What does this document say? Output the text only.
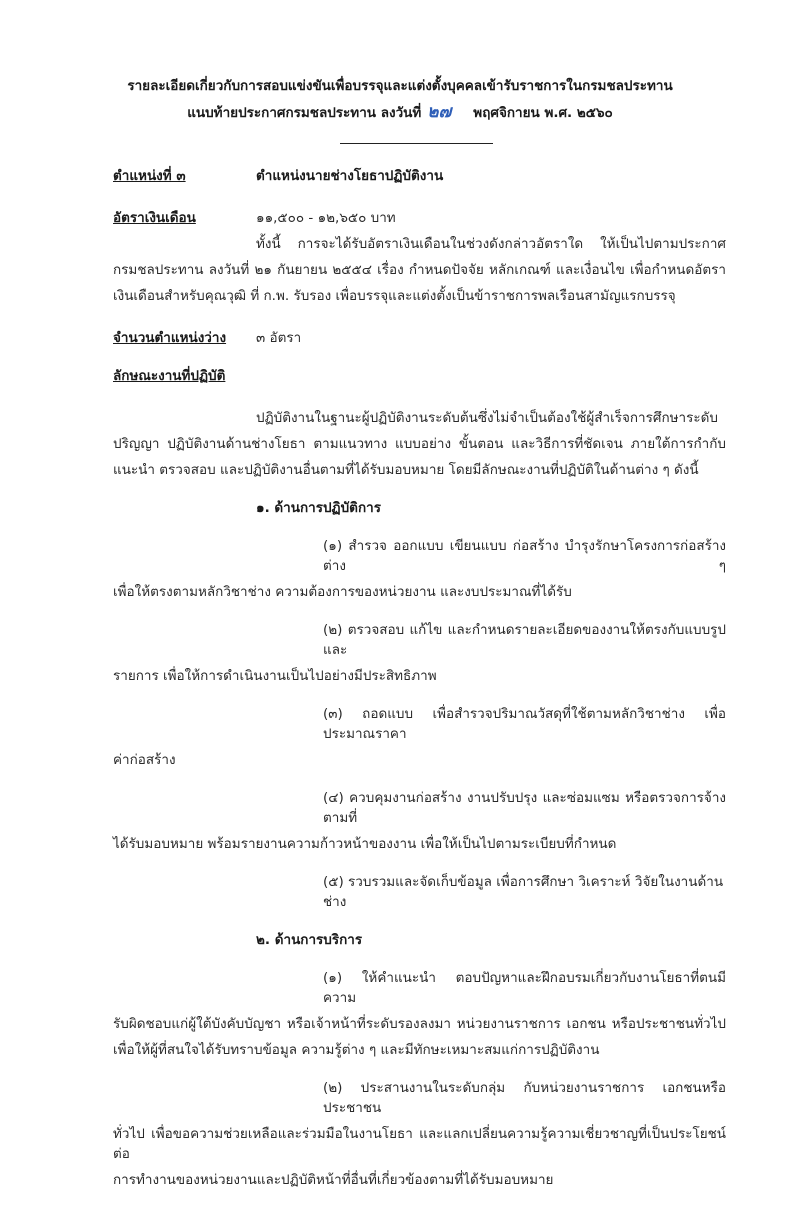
รายละเอียดเกี่ยวกับการสอบแข่งขันเพื่อบรรจุและแต่งตั้งบุคคลเข้ารับราชการในกรมชลประทาน
แนบท้ายประกาศกรมชลประทาน ลงวันที่ ๒๗ พฤศจิกายน พ.ศ. ๒๕๖๐
ตำแหน่งที่ ๓	ตำแหน่งนายช่างโยธาปฏิบัติงาน
อัตราเงินเดือน	๑๑,๕๐๐ - ๑๒,๖๕๐ บาท
ทั้งนี้ การจะได้รับอัตราเงินเดือนในช่วงดังกล่าวอัตราใด ให้เป็นไปตามประกาศ
กรมชลประทาน ลงวันที่ ๒๑ กันยายน ๒๕๕๔ เรื่อง กำหนดปัจจัย หลักเกณฑ์ และเงื่อนไข เพื่อกำหนดอัตรา
เงินเดือนสำหรับคุณวุฒิ ที่ ก.พ. รับรอง เพื่อบรรจุและแต่งตั้งเป็นข้าราชการพลเรือนสามัญแรกบรรจุ
จำนวนตำแหน่งว่าง	๓ อัตรา
ลักษณะงานที่ปฏิบัติ
ปฏิบัติงานในฐานะผู้ปฏิบัติงานระดับต้นซึ่งไม่จำเป็นต้องใช้ผู้สำเร็จการศึกษาระดับ
ปริญญา ปฏิบัติงานด้านช่างโยธา ตามแนวทาง แบบอย่าง ขั้นตอน และวิธีการที่ชัดเจน ภายใต้การกำกับ
แนะนำ ตรวจสอบ และปฏิบัติงานอื่นตามที่ได้รับมอบหมาย โดยมีลักษณะงานที่ปฏิบัติในด้านต่าง ๆ ดังนี้
๑. ด้านการปฏิบัติการ
(๑) สำรวจ ออกแบบ เขียนแบบ ก่อสร้าง บำรุงรักษาโครงการก่อสร้างต่าง ๆ
เพื่อให้ตรงตามหลักวิชาช่าง ความต้องการของหน่วยงาน และงบประมาณที่ได้รับ
(๒) ตรวจสอบ แก้ไข และกำหนดรายละเอียดของงานให้ตรงกับแบบรูปและ
รายการ เพื่อให้การดำเนินงานเป็นไปอย่างมีประสิทธิภาพ
(๓) ถอดแบบ เพื่อสำรวจปริมาณวัสดุที่ใช้ตามหลักวิชาช่าง เพื่อประมาณราคา
ค่าก่อสร้าง
(๔) ควบคุมงานก่อสร้าง งานปรับปรุง และซ่อมแซม หรือตรวจการจ้างตามที่
ได้รับมอบหมาย พร้อมรายงานความก้าวหน้าของงาน เพื่อให้เป็นไปตามระเบียบที่กำหนด
(๕) รวบรวมและจัดเก็บข้อมูล เพื่อการศึกษา วิเคราะห์ วิจัยในงานด้านช่าง
๒. ด้านการบริการ
(๑) ให้คำแนะนำ ตอบปัญหาและฝึกอบรมเกี่ยวกับงานโยธาที่ตนมีความ
รับผิดชอบแก่ผู้ใต้บังคับบัญชา หรือเจ้าหน้าที่ระดับรองลงมา หน่วยงานราชการ เอกชน หรือประชาชนทั่วไป
เพื่อให้ผู้ที่สนใจได้รับทราบข้อมูล ความรู้ต่าง ๆ และมีทักษะเหมาะสมแก่การปฏิบัติงาน
(๒) ประสานงานในระดับกลุ่ม กับหน่วยงานราชการ เอกชนหรือประชาชน
ทั่วไป เพื่อขอความช่วยเหลือและร่วมมือในงานโยธา และแลกเปลี่ยนความรู้ความเชี่ยวชาญที่เป็นประโยชน์ต่อ
การทำงานของหน่วยงานและปฏิบัติหน้าที่อื่นที่เกี่ยวข้องตามที่ได้รับมอบหมาย
